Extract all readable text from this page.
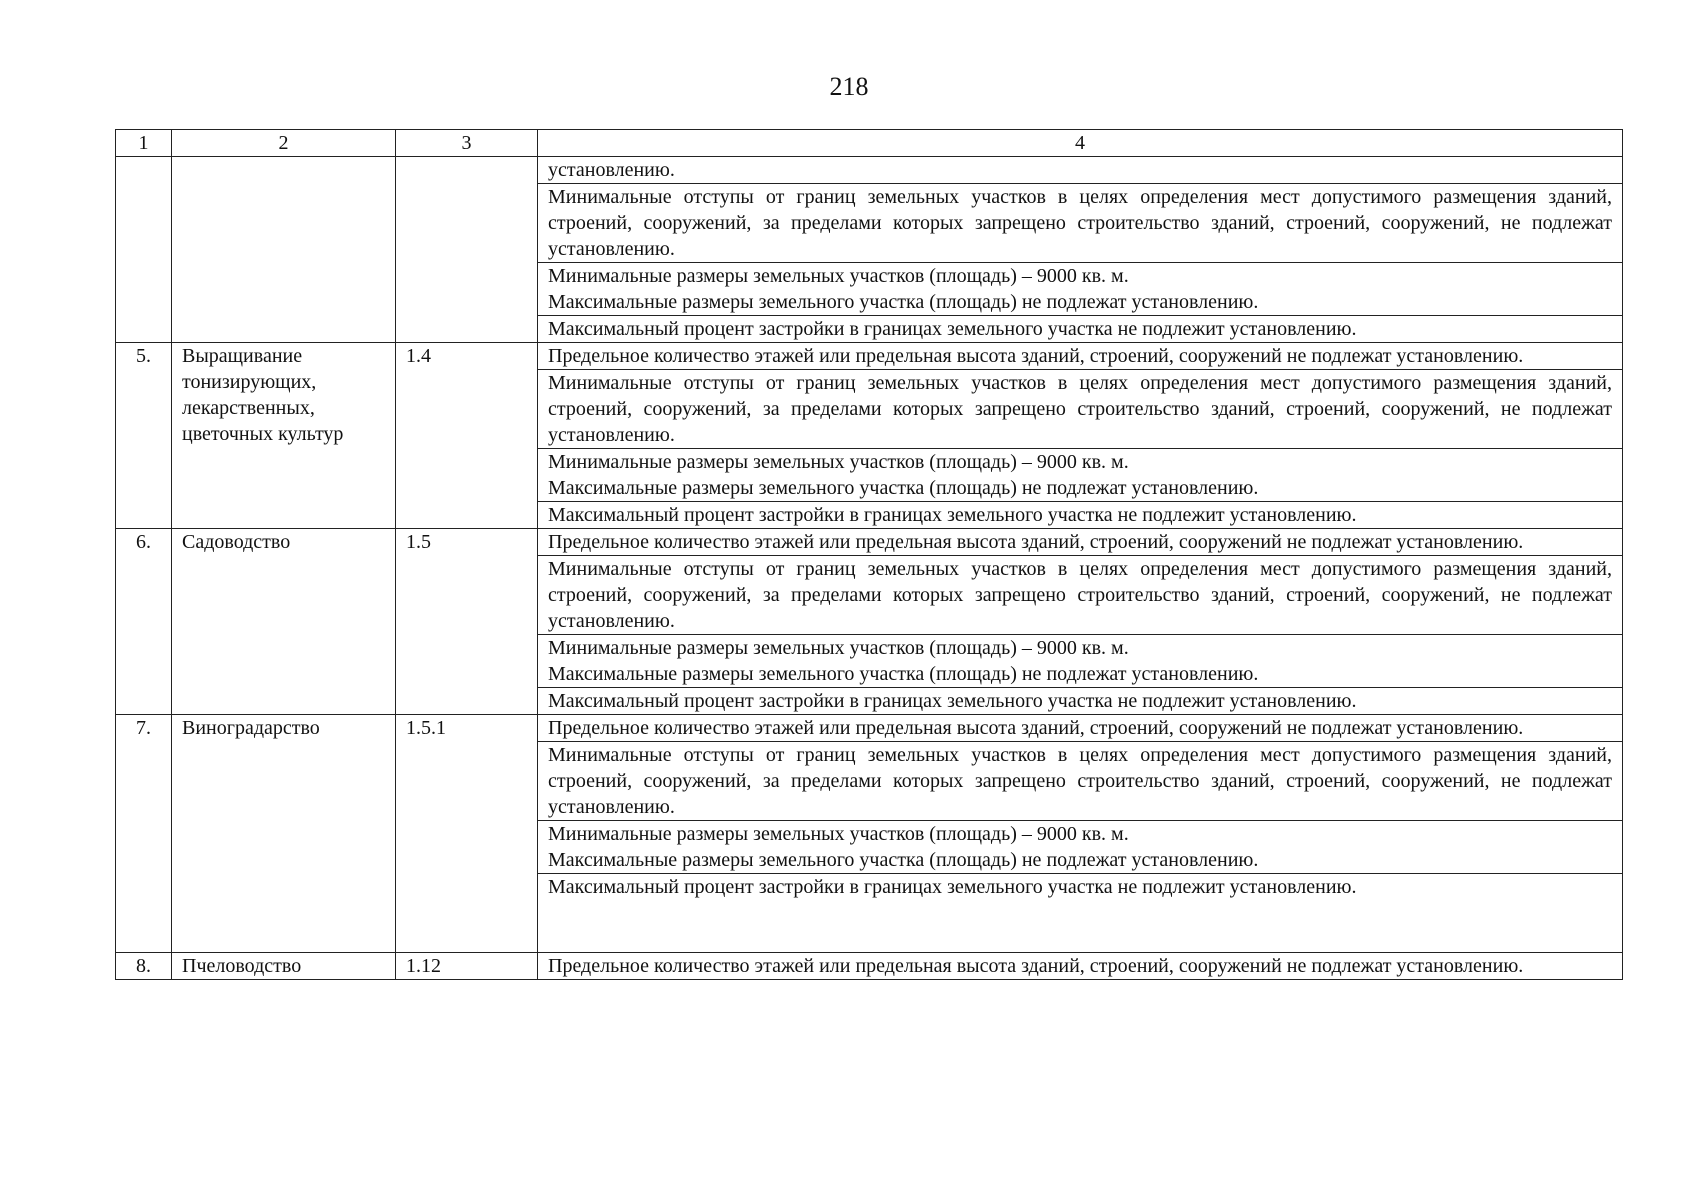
218
1	2	3	4
			установлению.
			Минимальные отступы от границ земельных участков в целях определения мест допустимого размещения зданий, строений, сооружений, за пределами которых запрещено строительство зданий, строений, сооружений, не подлежат установлению.
			Минимальные размеры земельных участков (площадь) – 9000 кв. м.
Максимальные размеры земельного участка (площадь) не подлежат установлению.
			Максимальный процент застройки в границах земельного участка не подлежит установлению.
5.	Выращивание тонизирующих, лекарственных, цветочных культур	1.4	Предельное количество этажей или предельная высота зданий, строений, сооружений не подлежат установлению.
			Минимальные отступы от границ земельных участков в целях определения мест допустимого размещения зданий, строений, сооружений, за пределами которых запрещено строительство зданий, строений, сооружений, не подлежат установлению.
			Минимальные размеры земельных участков (площадь) – 9000 кв. м.
Максимальные размеры земельного участка (площадь) не подлежат установлению.
			Максимальный процент застройки в границах земельного участка не подлежит установлению.
6.	Садоводство	1.5	Предельное количество этажей или предельная высота зданий, строений, сооружений не подлежат установлению.
			Минимальные отступы от границ земельных участков в целях определения мест допустимого размещения зданий, строений, сооружений, за пределами которых запрещено строительство зданий, строений, сооружений, не подлежат установлению.
			Минимальные размеры земельных участков (площадь) – 9000 кв. м.
Максимальные размеры земельного участка (площадь) не подлежат установлению.
			Максимальный процент застройки в границах земельного участка не подлежит установлению.
7.	Виноградарство	1.5.1	Предельное количество этажей или предельная высота зданий, строений, сооружений не подлежат установлению.
			Минимальные отступы от границ земельных участков в целях определения мест допустимого размещения зданий, строений, сооружений, за пределами которых запрещено строительство зданий, строений, сооружений, не подлежат установлению.
			Минимальные размеры земельных участков (площадь) – 9000 кв. м.
Максимальные размеры земельного участка (площадь) не подлежат установлению.
			Максимальный процент застройки в границах земельного участка не подлежит установлению.
8.	Пчеловодство	1.12	Предельное количество этажей или предельная высота зданий, строений, сооружений не подлежат установлению.
